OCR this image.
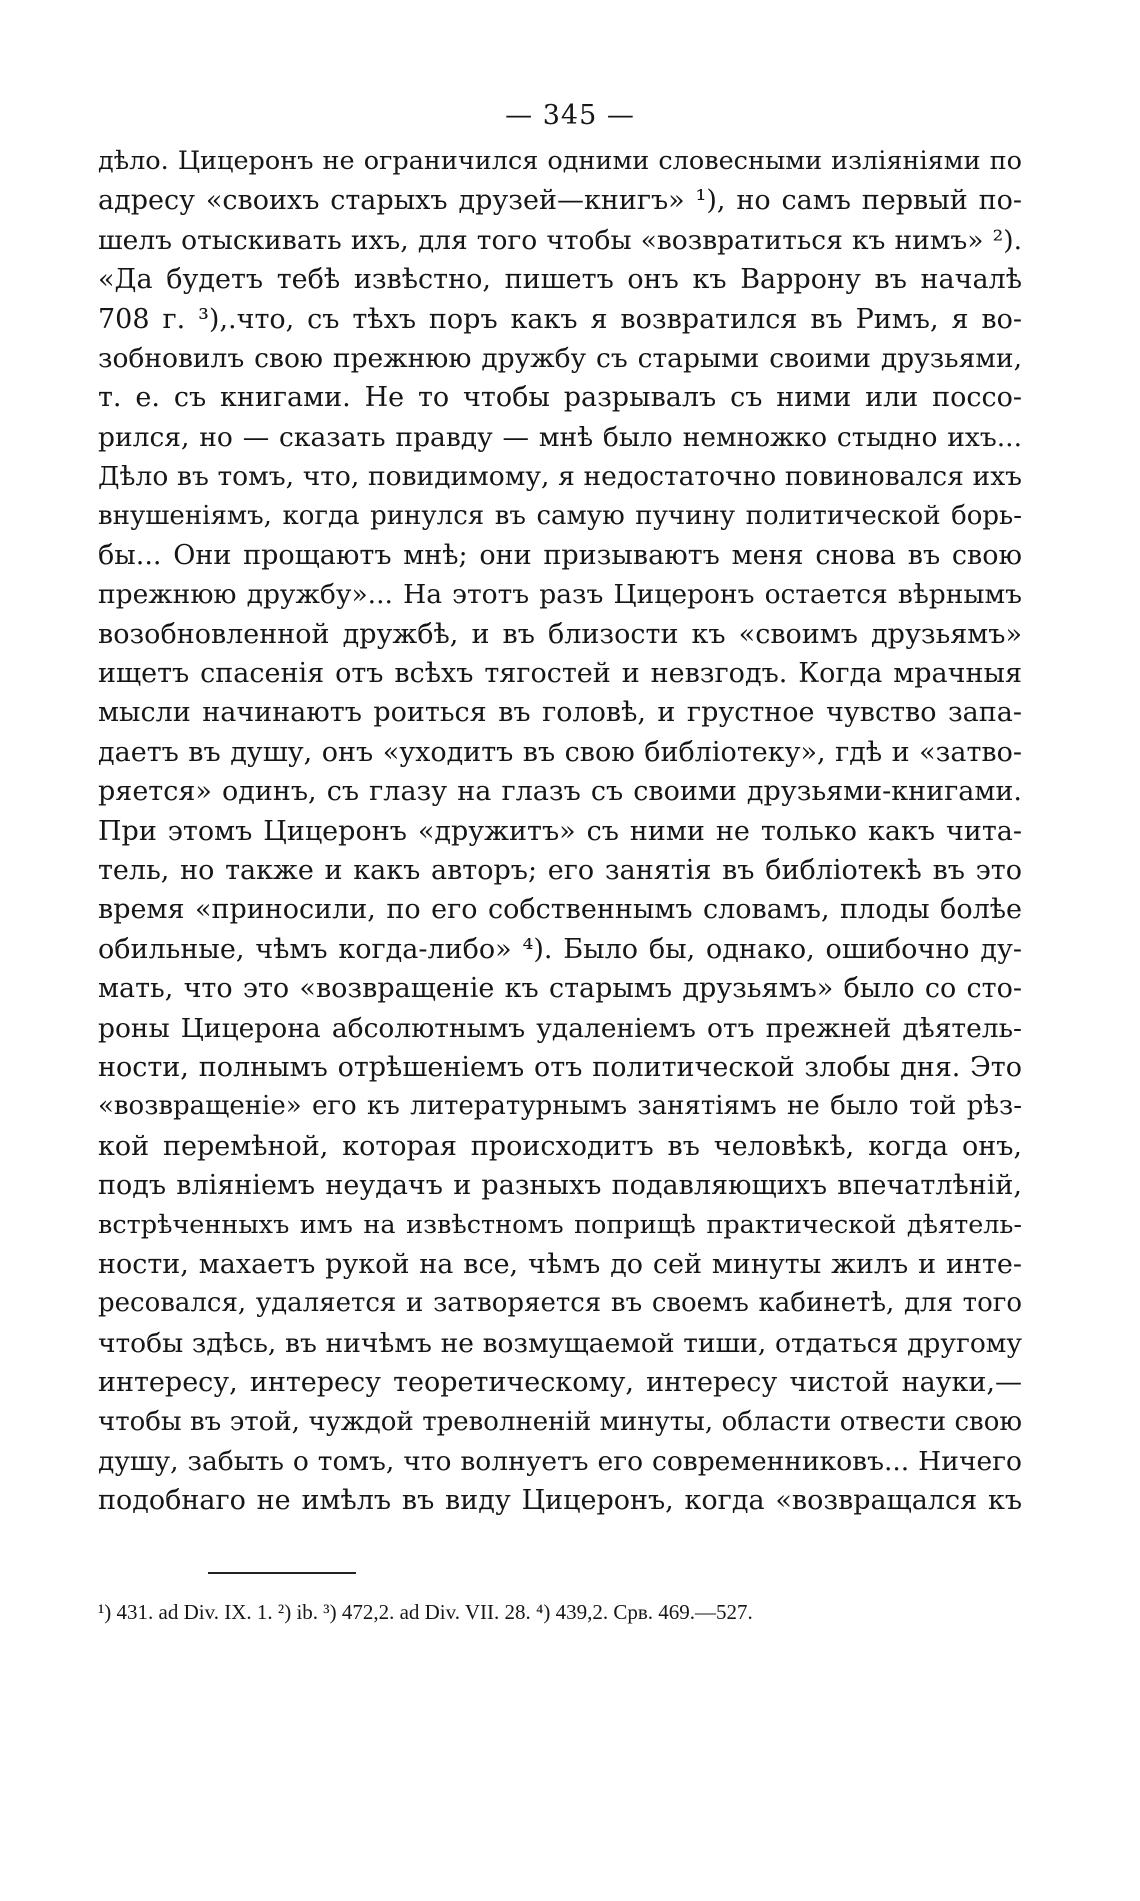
— 345 —
дѣло. Цицеронъ не ограничился одними словесными изліяніями по
адресу «своихъ старыхъ друзей—книгъ» ¹), но самъ первый по-
шелъ отыскивать ихъ, для того чтобы «возвратиться къ нимъ» ²).
«Да будетъ тебѣ извѣстно, пишетъ онъ къ Варрону въ началѣ
708 г. ³),.что, съ тѣхъ поръ какъ я возвратился въ Римъ, я во-
зобновилъ свою прежнюю дружбу съ старыми своими друзьями,
т. е. съ книгами. Не то чтобы разрывалъ съ ними или поссо-
рился, но — сказать правду — мнѣ было немножко стыдно ихъ...
Дѣло въ томъ, что, повидимому, я недостаточно повиновался ихъ
внушеніямъ, когда ринулся въ самую пучину политической борь-
бы... Они прощаютъ мнѣ; они призываютъ меня снова въ свою
прежнюю дружбу»... На этотъ разъ Цицеронъ остается вѣрнымъ
возобновленной дружбѣ, и въ близости къ «своимъ друзьямъ»
ищетъ спасенія отъ всѣхъ тягостей и невзгодъ. Когда мрачныя
мысли начинаютъ роиться въ головѣ, и грустное чувство запа-
даетъ въ душу, онъ «уходитъ въ свою библіотеку», гдѣ и «затво-
ряется» одинъ, съ глазу на глазъ съ своими друзьями-книгами.
При этомъ Цицеронъ «дружитъ» съ ними не только какъ чита-
тель, но также и какъ авторъ; его занятія въ библіотекѣ въ это
время «приносили, по его собственнымъ словамъ, плоды болѣе
обильные, чѣмъ когда-либо» ⁴). Было бы, однако, ошибочно ду-
мать, что это «возвращеніе къ старымъ друзьямъ» было со сто-
роны Цицерона абсолютнымъ удаленіемъ отъ прежней дѣятель-
ности, полнымъ отрѣшеніемъ отъ политической злобы дня. Это
«возвращеніе» его къ литературнымъ занятіямъ не было той рѣз-
кой перемѣной, которая происходитъ въ человѣкѣ, когда онъ,
подъ вліяніемъ неудачъ и разныхъ подавляющихъ впечатлѣній,
встрѣченныхъ имъ на извѣстномъ поприщѣ практической дѣятель-
ности, махаетъ рукой на все, чѣмъ до сей минуты жилъ и инте-
ресовался, удаляется и затворяется въ своемъ кабинетѣ, для того
чтобы здѣсь, въ ничѣмъ не возмущаемой тиши, отдаться другому
интересу, интересу теоретическому, интересу чистой науки,—
чтобы въ этой, чуждой треволненій минуты, области отвести свою
душу, забыть о томъ, что волнуетъ его современниковъ... Ничего
подобнаго не имѣлъ въ виду Цицеронъ, когда «возвращался къ
¹) 431. ad Div. IX. 1. ²) ib. ³) 472,2. ad Div. VII. 28. ⁴) 439,2. Срв. 469.—527.
